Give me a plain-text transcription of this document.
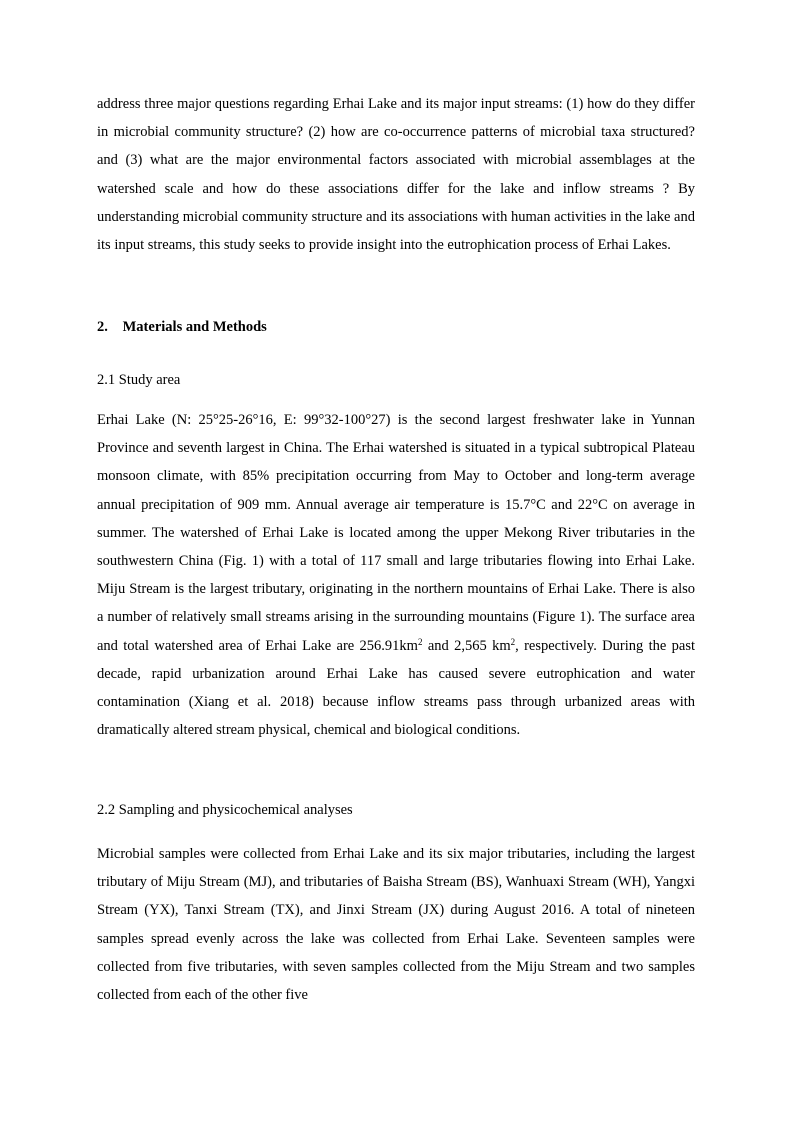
address three major questions regarding Erhai Lake and its major input streams: (1) how do they differ in microbial community structure? (2) how are co-occurrence patterns of microbial taxa structured? and (3) what are the major environmental factors associated with microbial assemblages at the watershed scale and how do these associations differ for the lake and inflow streams ? By understanding microbial community structure and its associations with human activities in the lake and its input streams, this study seeks to provide insight into the eutrophication process of Erhai Lakes.

2. Materials and Methods
2.1 Study area

Erhai Lake (N: 25°25-26°16, E: 99°32-100°27) is the second largest freshwater lake in Yunnan Province and seventh largest in China. The Erhai watershed is situated in a typical subtropical Plateau monsoon climate, with 85% precipitation occurring from May to October and long-term average annual precipitation of 909 mm. Annual average air temperature is 15.7°C and 22°C on average in summer. The watershed of Erhai Lake is located among the upper Mekong River tributaries in the southwestern China (Fig. 1) with a total of 117 small and large tributaries flowing into Erhai Lake. Miju Stream is the largest tributary, originating in the northern mountains of Erhai Lake. There is also a number of relatively small streams arising in the surrounding mountains (Figure 1). The surface area and total watershed area of Erhai Lake are $256.91km^2$ and 2,565 $km^2$, respectively. During the past decade, rapid urbanization around Erhai Lake has caused severe eutrophication and water contamination (Xiang et al. 2018) because inflow streams pass through urbanized areas with dramatically altered stream physical, chemical and biological conditions.

2.2 Sampling and physicochemical analyses

Microbial samples were collected from Erhai Lake and its six major tributaries, including the largest tributary of Miju Stream (MJ), and tributaries of Baisha Stream (BS), Wanhuaxi Stream (WH), Yangxi Stream (YX), Tanxi Stream (TX), and Jinxi Stream (JX) during August 2016. A total of nineteen samples spread evenly across the lake was collected from Erhai Lake. Seventeen samples were collected from five tributaries, with seven samples collected from the Miju Stream and two samples collected from each of the other five
